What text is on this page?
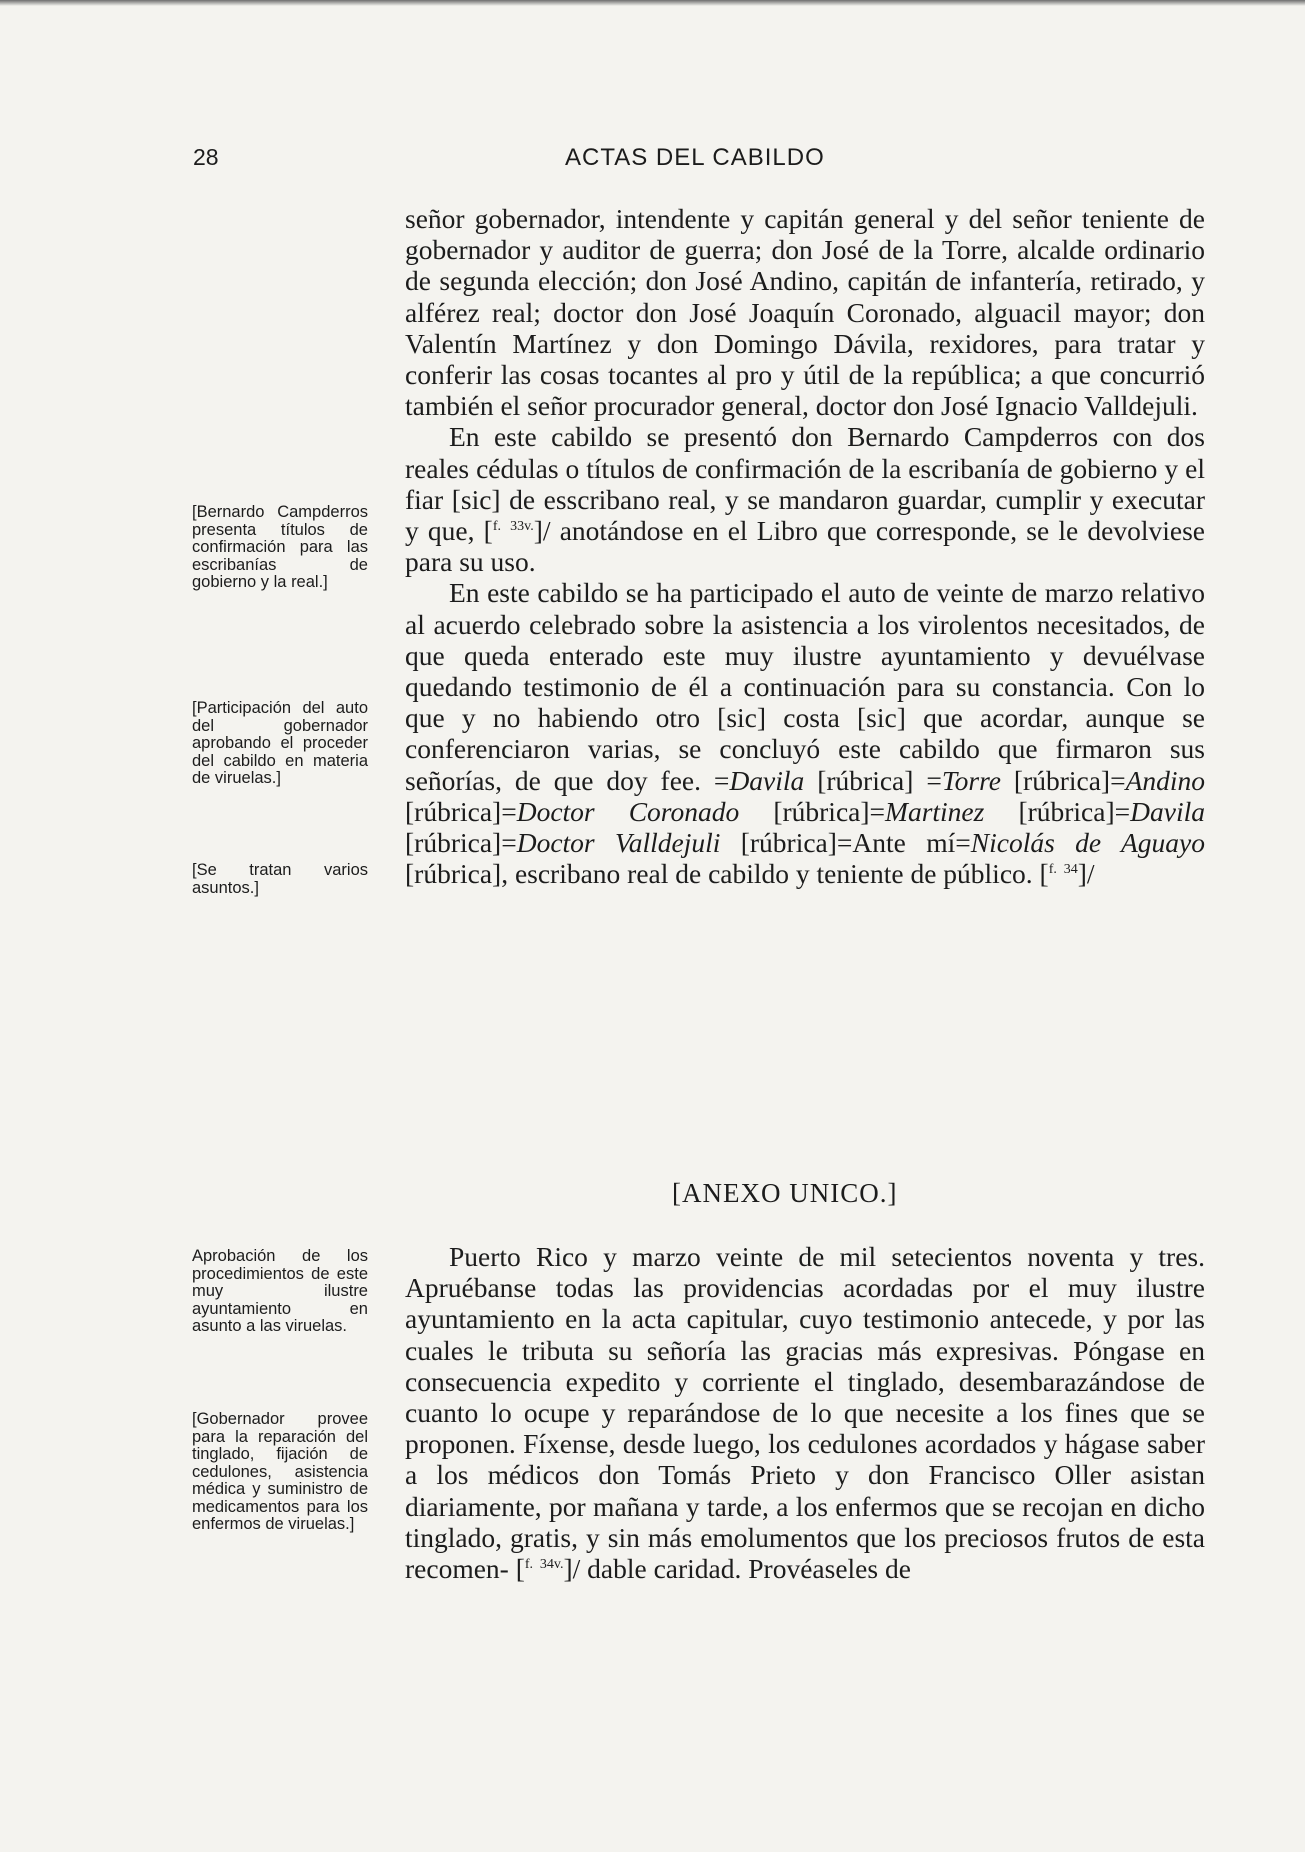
28	ACTAS DEL CABILDO
[Bernardo Campderros presenta títulos de confirmación para las escribanías de gobierno y la real.]
[Participación del auto del gobernador aprobando el proceder del cabildo en materia de viruelas.]
[Se tratan varios asuntos.]
Aprobación de los procedimientos de este muy ilustre ayuntamiento en asunto a las viruelas.
[Gobernador provee para la reparación del tinglado, fijación de cedulones, asistencia médica y suministro de medicamentos para los enfermos de viruelas.]

señor gobernador, intendente y capitán general y del señor teniente de gobernador y auditor de guerra; don José de la Torre, alcalde ordinario de segunda elección; don José Andino, capitán de infantería, retirado, y alférez real; doctor don José Joaquín Coronado, alguacil mayor; don Valentín Martínez y don Domingo Dávila, rexidores, para tratar y conferir las cosas tocantes al pro y útil de la república; a que concurrió también el señor procurador general, doctor don José Ignacio Valldejuli.

En este cabildo se presentó don Bernardo Campderros con dos reales cédulas o títulos de confirmación de la escribanía de gobierno y el fiar [sic] de esscribano real, y se mandaron guardar, cumplir y executar y que, [$^{f.}$ $^{33v.}$]/ anotándose en el Libro que corresponde, se le devolviese para su uso.

En este cabildo se ha participado el auto de veinte de marzo relativo al acuerdo celebrado sobre la asistencia a los virolentos necesitados, de que queda enterado este muy ilustre ayuntamiento y devuélvase quedando testimonio de él a continuación para su constancia. Con lo que y no habiendo otro [sic] costa [sic] que acordar, aunque se conferenciaron varias, se concluyó este cabildo que firmaron sus señorías, de que doy fee. =Davila [rúbrica] =Torre [rúbrica]=Andino [rúbrica]=Doctor Coronado [rúbrica]=Martinez [rúbrica]=Davila [rúbrica]=Doctor Valldejuli [rúbrica]=Ante mí=Nicolás de Aguayo [rúbrica], escribano real de cabildo y teniente de público. [$^{f.}$ $^{34}$]/

[ANEXO UNICO.]

Puerto Rico y marzo veinte de mil setecientos noventa y tres. Apruébanse todas las providencias acordadas por el muy ilustre ayuntamiento en la acta capitular, cuyo testimonio antecede, y por las cuales le tributa su señoría las gracias más expresivas. Póngase en consecuencia expedito y corriente el tinglado, desembarazándose de cuanto lo ocupe y reparándose de lo que necesite a los fines que se proponen. Fíxense, desde luego, los cedulones acordados y hágase saber a los médicos don Tomás Prieto y don Francisco Oller asistan diariamente, por mañana y tarde, a los enfermos que se recojan en dicho tinglado, gratis, y sin más emolumentos que los preciosos frutos de esta recomen- [$^{f.}$ $^{34v.}$]/ dable caridad. Provéaseles de
